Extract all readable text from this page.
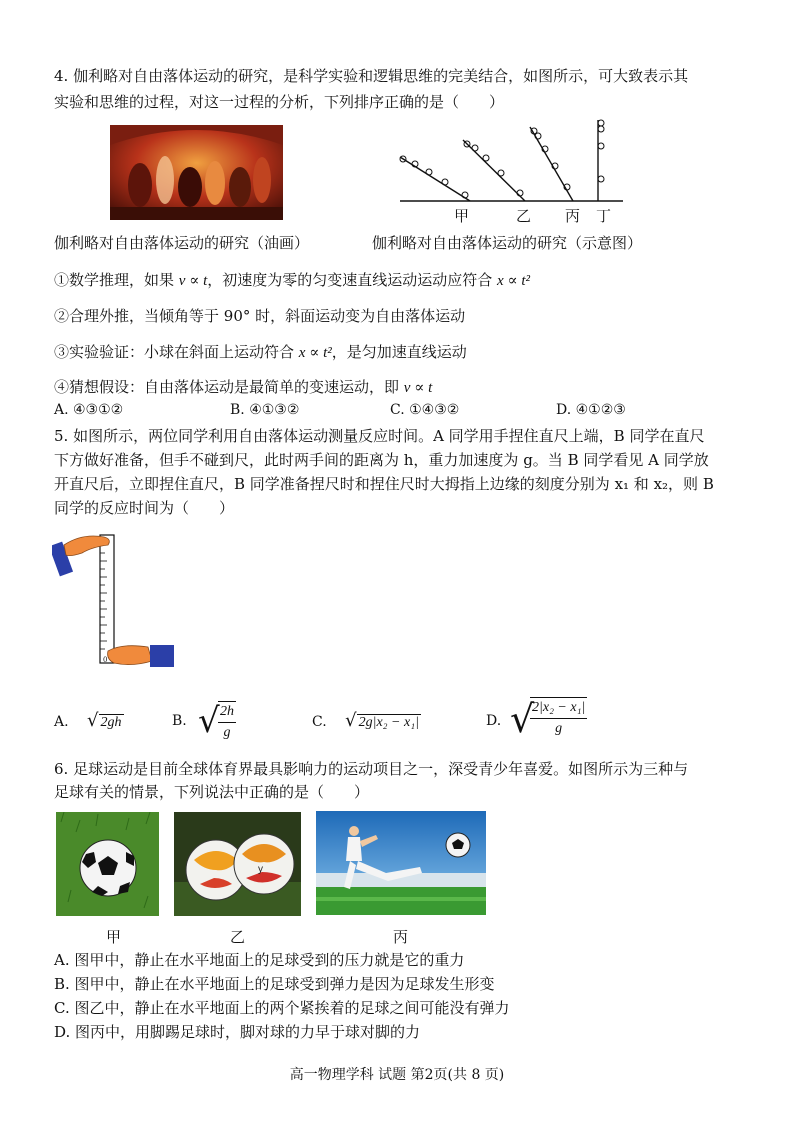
4. 伽利略对自由落体运动的研究，是科学实验和逻辑思维的完美结合，如图所示，可大致表示其
实验和思维的过程，对这一过程的分析，下列排序正确的是（　　）
甲	乙 丙 丁
伽利略对自由落体运动的研究（油画）	伽利略对自由落体运动的研究（示意图）
①数学推理，如果 v ∝ t，初速度为零的匀变速直线运动运动应符合 x ∝ t²
②合理外推，当倾角等于 90° 时，斜面运动变为自由落体运动
③实验验证：小球在斜面上运动符合 x ∝ t²，是匀加速直线运动
④猜想假设：自由落体运动是最简单的变速运动，即 v ∝ t
A. ④③①②	B. ④①③②	C. ①④③②	D. ④①②③
5. 如图所示，两位同学利用自由落体运动测量反应时间。A 同学用手捏住直尺上端，B 同学在直尺
下方做好准备，但手不碰到尺，此时两手间的距离为 h，重力加速度为 g。当 B 同学看见 A 同学放
开直尺后，立即捏住直尺，B 同学准备捏尺时和捏住尺时大拇指上边缘的刻度分别为 x₁ 和 x₂，则 B
同学的反应时间为（　　）
0
A. √ 2gh	B. √
$\frac{2h}{g}$	C. √ 2g|x₂ − x₁|	D. √
$\frac{\text{2|x₂ − x₁|}}{g}$
6. 足球运动是目前全球体育界最具影响力的运动项目之一，深受青少年喜爱。如图所示为三种与
足球有关的情景，下列说法中正确的是（　　）
y
甲	乙	丙
A. 图甲中，静止在水平地面上的足球受到的压力就是它的重力
B. 图甲中，静止在水平地面上的足球受到弹力是因为足球发生形变
C. 图乙中，静止在水平地面上的两个紧挨着的足球之间可能没有弹力
D. 图丙中，用脚踢足球时，脚对球的力早于球对脚的力
高一物理学科 试题 第2页(共 8 页)
